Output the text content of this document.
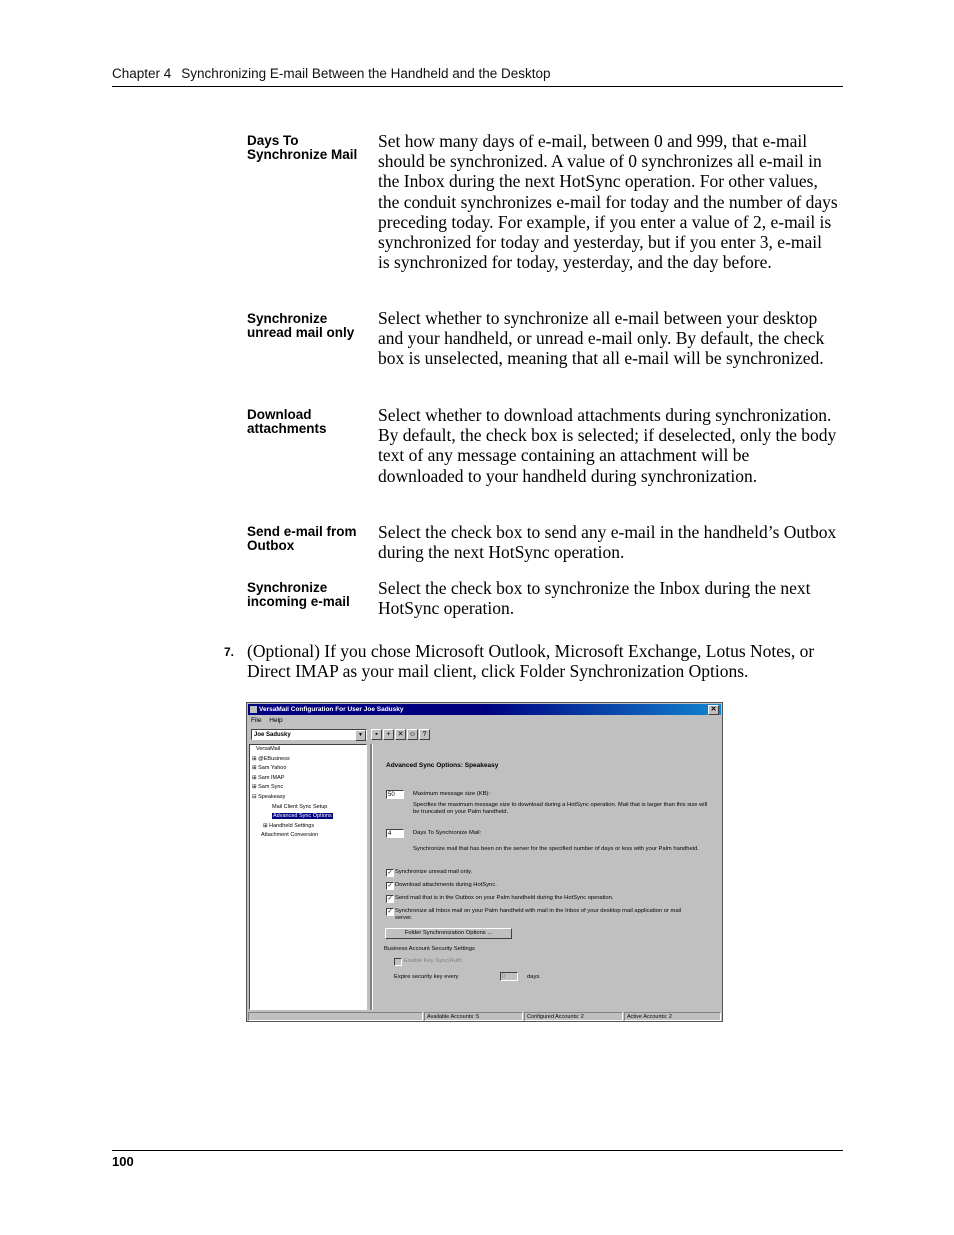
Chapter 4 Synchronizing E-mail Between the Handheld and the Desktop
Days To Synchronize Mail
Set how many days of e-mail, between 0 and 999, that e-mail should be synchronized. A value of 0 synchronizes all e-mail in the Inbox during the next HotSync operation. For other values, the conduit synchronizes e-mail for today and the number of days preceding today. For example, if you enter a value of 2, e-mail is synchronized for today and yesterday, but if you enter 3, e-mail is synchronized for today, yesterday, and the day before.
Synchronize unread mail only
Select whether to synchronize all e-mail between your desktop and your handheld, or unread e-mail only. By default, the check box is unselected, meaning that all e-mail will be synchronized.
Download attachments
Select whether to download attachments during synchronization. By default, the check box is selected; if deselected, only the body text of any message containing an attachment will be downloaded to your handheld during synchronization.
Send e-mail from Outbox
Select the check box to send any e-mail in the handheld’s Outbox during the next HotSync operation.
Synchronize incoming e-mail
Select the check box to synchronize the Inbox during the next HotSync operation.
7. (Optional) If you chose Microsoft Outlook, Microsoft Exchange, Lotus Notes, or Direct IMAP as your mail client, click Folder Synchronization Options.
VersaMail Configuration For User Joe Sadusky	✕
File Help
Joe Sadusky	▼	▪	+	✕ ☺ ?
VersaMail
⊞ @EBusiness
⊞ Sam Yahoo
⊞ Sam IMAP
⊞ Sam Sync
⊟ Speakeasy
Mail Client Sync Setup
Advanced Sync Options
⊞ Handheld Settings
Attachment Conversion
Advanced Sync Options: Speakeasy
50	Maximum message size (KB):
Specifies the maximum message size to download during a HotSync operation. Mail that is larger than this size will be truncated on your Palm handheld.
4	Days To Synchronize Mail:
Synchronize mail that has been on the server for the specified number of days or less with your Palm handheld.
✓ Synchronize unread mail only.
✓ Download attachments during HotSync.
✓ Send mail that is in the Outbox on your Palm handheld during the HotSync operation.
✓ Synchronize all Inbox mail on your Palm handheld with mail in the Inbox of your desktop mail application or mail server.
Folder Synchronization Options ...
Business Account Security Settings
Enable Key Sync/Auth
Expire security key every	0	days.
Available Accounts: 5	Configured Accounts: 2	Active Accounts: 2
100
